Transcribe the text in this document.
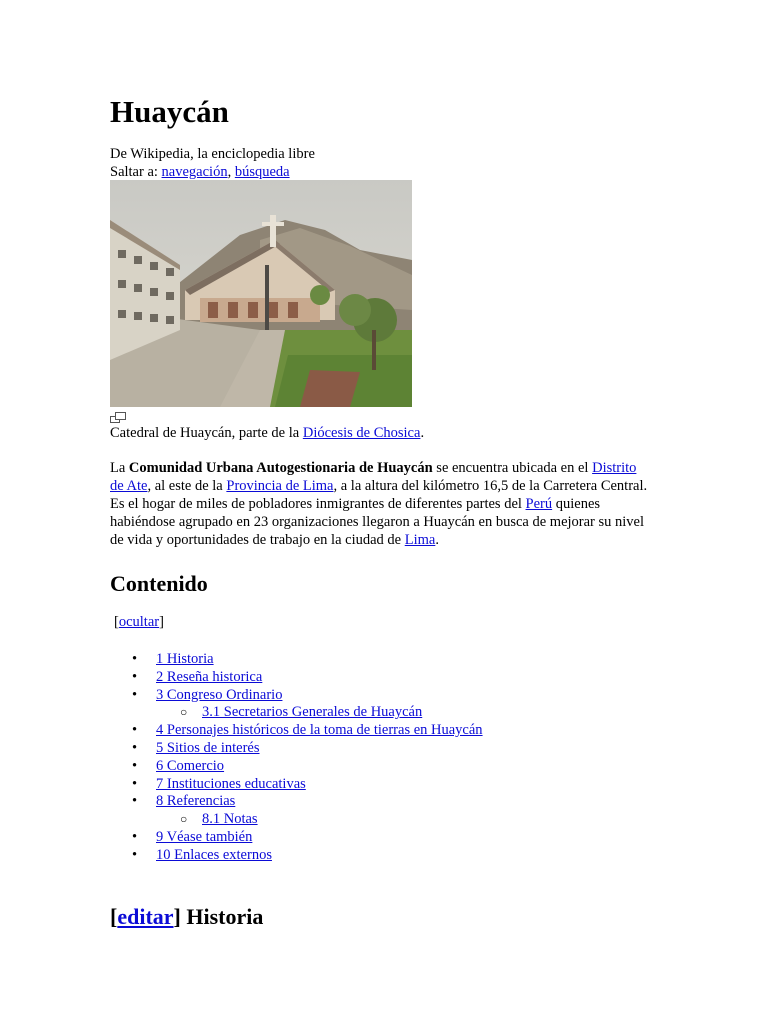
Huaycán
De Wikipedia, la enciclopedia libre
Saltar a: navegación, búsqueda
Catedral de Huaycán, parte de la Diócesis de Chosica.

La Comunidad Urbana Autogestionaria de Huaycán se encuentra ubicada en el Distrito de Ate, al este de la Provincia de Lima, a la altura del kilómetro 16,5 de la Carretera Central. Es el hogar de miles de pobladores inmigrantes de diferentes partes del Perú quienes habiéndose agrupado en 23 organizaciones llegaron a Huaycán en busca de mejorar su nivel de vida y oportunidades de trabajo en la ciudad de Lima.

Contenido
[ocultar]
• 1 Historia
• 2 Reseña historica
• 3 Congreso Ordinario
○ 3.1 Secretarios Generales de Huaycán
• 4 Personajes históricos de la toma de tierras en Huaycán
• 5 Sitios de interés
• 6 Comercio
• 7 Instituciones educativas
• 8 Referencias
○ 8.1 Notas
• 9 Véase también
• 10 Enlaces externos
[editar] Historia
